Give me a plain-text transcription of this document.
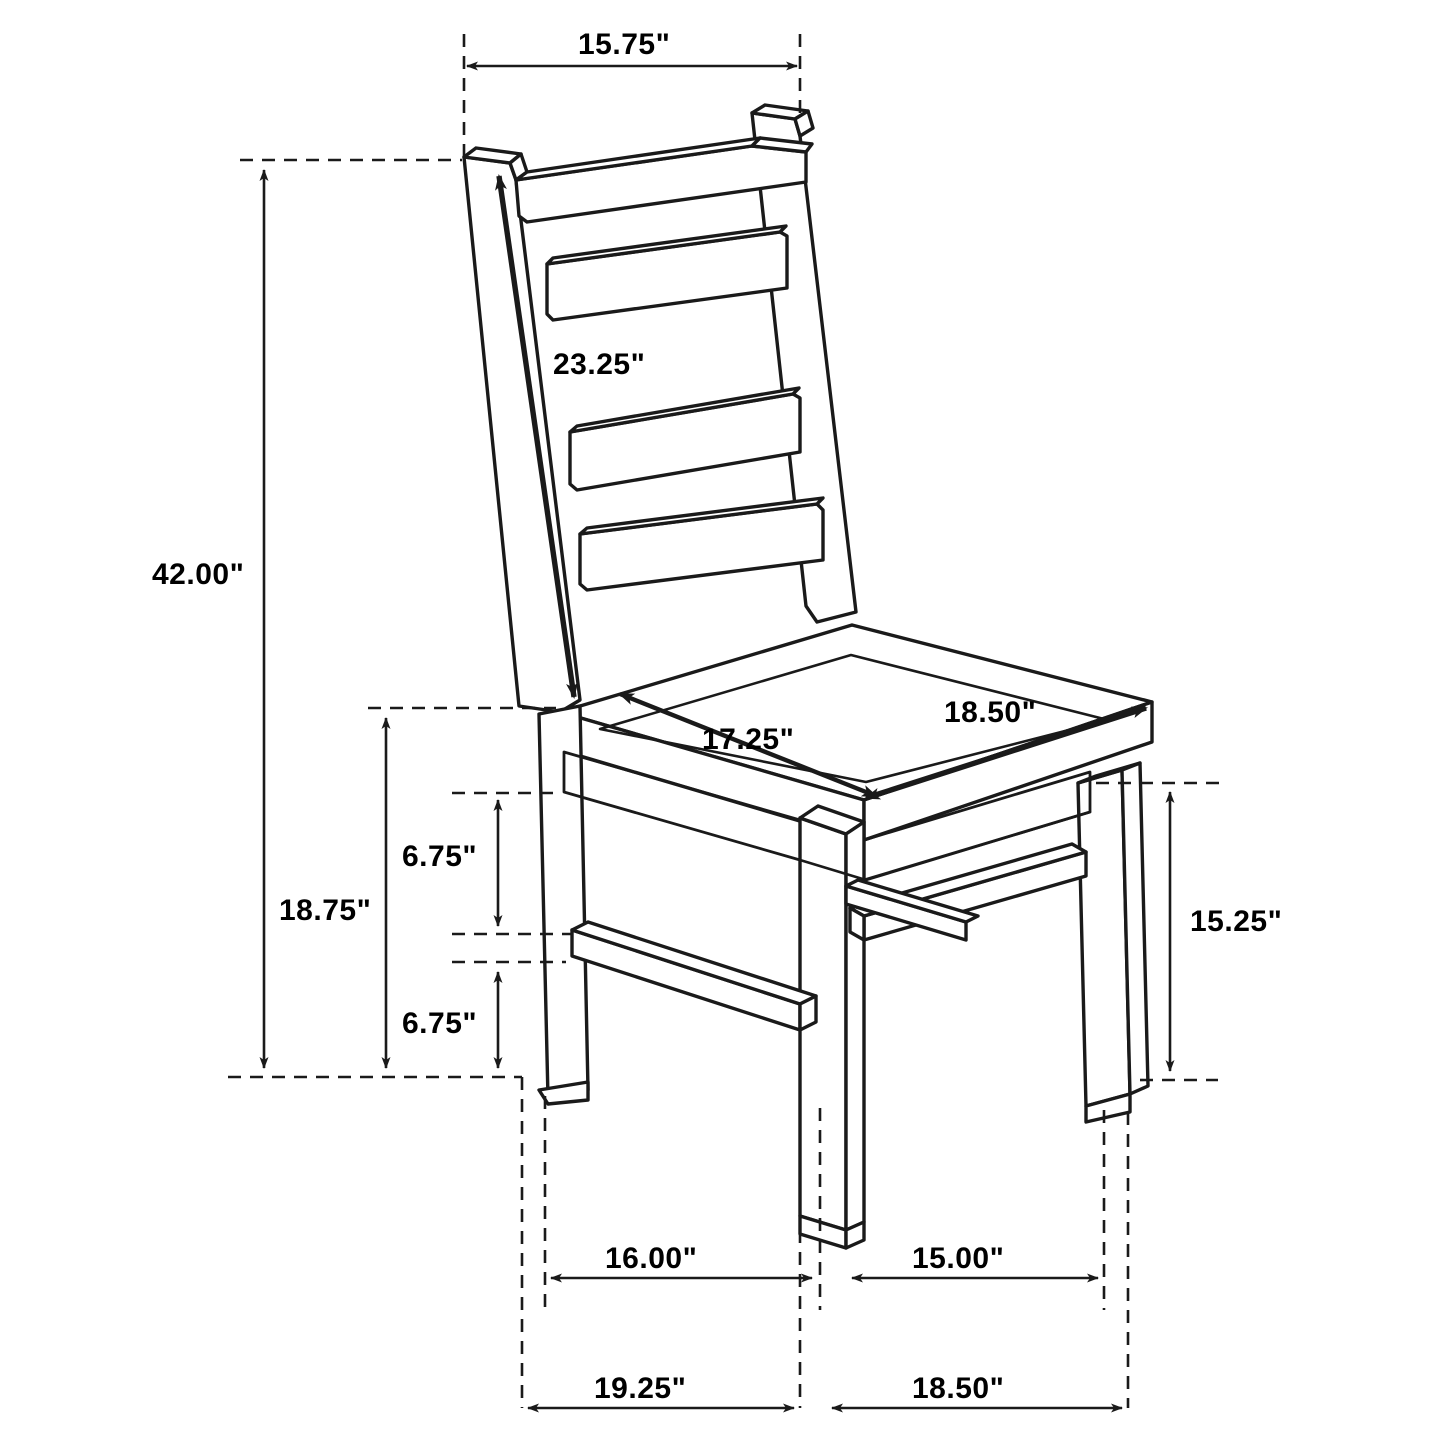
15.75"
42.00"
23.25"
17.25"
18.50"
6.75"
6.75"
18.75"	15.25"
16.00"	15.00"
19.25"	18.50"
